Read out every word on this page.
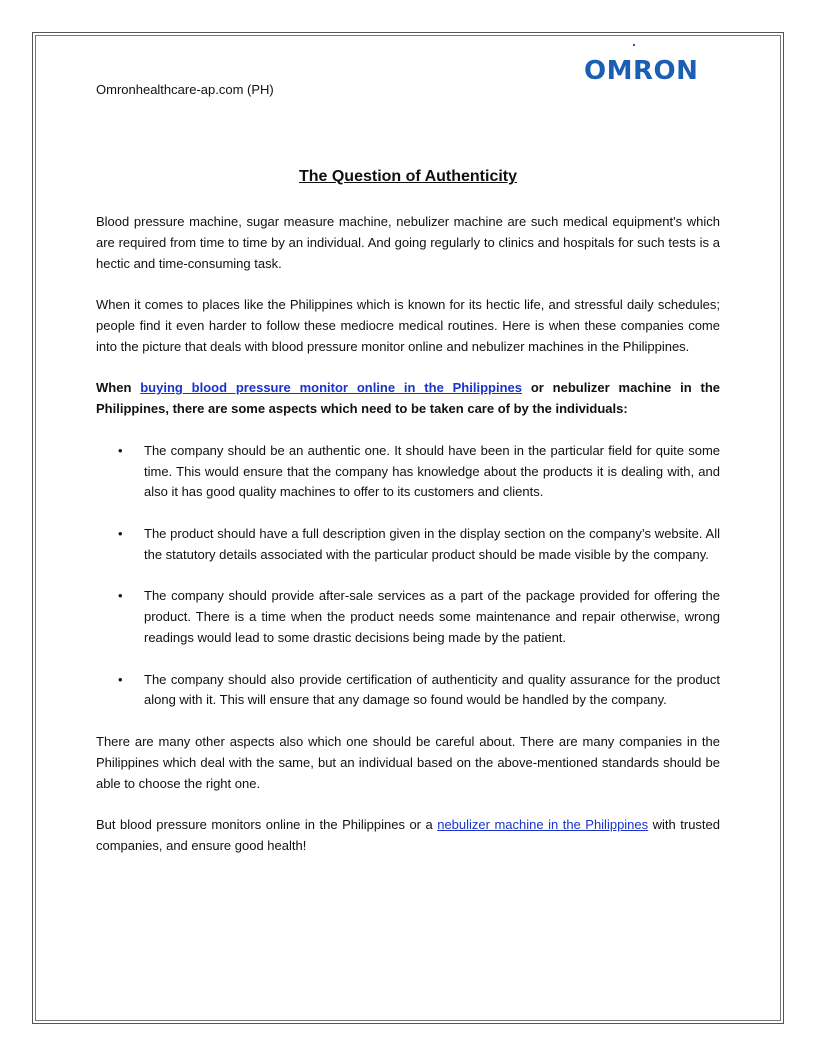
Omronhealthcare-ap.com (PH)
OMRON
The Question of Authenticity

Blood pressure machine, sugar measure machine, nebulizer machine are such medical equipment's which are required from time to time by an individual. And going regularly to clinics and hospitals for such tests is a hectic and time-consuming task.

When it comes to places like the Philippines which is known for its hectic life, and stressful daily schedules; people find it even harder to follow these mediocre medical routines. Here is when these companies come into the picture that deals with blood pressure monitor online and nebulizer machines in the Philippines.

When buying blood pressure monitor online in the Philippines or nebulizer machine in the Philippines, there are some aspects which need to be taken care of by the individuals:

• The company should be an authentic one. It should have been in the particular field for quite some time. This would ensure that the company has knowledge about the products it is dealing with, and also it has good quality machines to offer to its customers and clients.
• The product should have a full description given in the display section on the company’s website. All the statutory details associated with the particular product should be made visible by the company.
• The company should provide after-sale services as a part of the package provided for offering the product. There is a time when the product needs some maintenance and repair otherwise, wrong readings would lead to some drastic decisions being made by the patient.
• The company should also provide certification of authenticity and quality assurance for the product along with it. This will ensure that any damage so found would be handled by the company.

There are many other aspects also which one should be careful about. There are many companies in the Philippines which deal with the same, but an individual based on the above-mentioned standards should be able to choose the right one.

But blood pressure monitors online in the Philippines or a nebulizer machine in the Philippines with trusted companies, and ensure good health!
